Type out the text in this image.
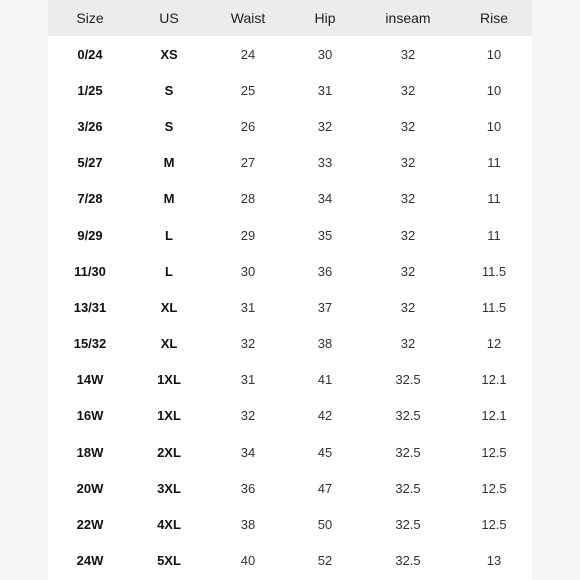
Size	US	Waist	Hip	inseam	Rise
0/24	XS	24	30	32	10
1/25	S	25	31	32	10
3/26	S	26	32	32	10
5/27	M	27	33	32	11
7/28	M	28	34	32	11
9/29	L	29	35	32	11
11/30	L	30	36	32	11.5
13/31	XL	31	37	32	11.5
15/32	XL	32	38	32	12
14W	1XL	31	41	32.5	12.1
16W	1XL	32	42	32.5	12.1
18W	2XL	34	45	32.5	12.5
20W	3XL	36	47	32.5	12.5
22W	4XL	38	50	32.5	12.5
24W	5XL	40	52	32.5	13
